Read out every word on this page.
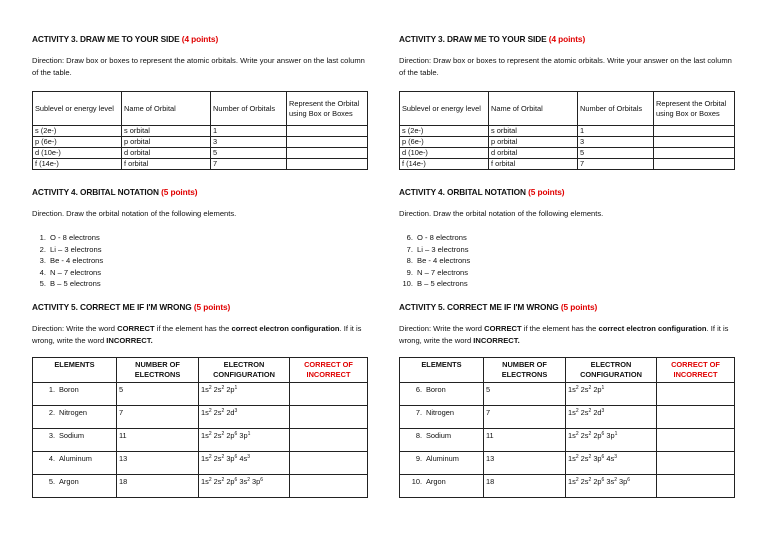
ACTIVITY 3. DRAW ME TO YOUR SIDE (4 points)
Direction: Draw box or boxes to represent the atomic orbitals. Write your answer on the last column of the table.
Sublevel or energy level	Name of Orbital	Number of Orbitals	Represent the Orbital using Box or Boxes
s (2e-)	s orbital	1	
p (6e-)	p orbital	3	
d (10e-)	d orbital	5	
f (14e-)	f orbital	7	
ACTIVITY 4. ORBITAL NOTATION (5 points)
Direction. Draw the orbital notation of the following elements.
1. O - 8 electrons
2. Li – 3 electrons
3. Be - 4 electrons
4. N – 7 electrons
5. B – 5 electrons
ACTIVITY 5. CORRECT ME IF I'M WRONG (5 points)
Direction: Write the word CORRECT if the element has the correct electron configuration. If it is wrong, write the word INCORRECT.
ELEMENTS	NUMBER OF ELECTRONS	ELECTRON CONFIGURATION	CORRECT OF INCORRECT
1. Boron	5	$1s^2$ $2s^2$ $2p^1$	
2. Nitrogen	7	$1s^2$ $2s^2$ $2d^3$	
3. Sodium	11	$1s^2$ $2s^2$ $2p^6$ $3p^1$	
4. Aluminum	13	$1s^2$ $2s^2$ $3p^6$ $4s^3$	
5. Argon	18	$1s^2$ $2s^2$ $2p^6$ $3s^2$ $3p^6$	
ACTIVITY 3. DRAW ME TO YOUR SIDE (4 points)
Direction: Draw box or boxes to represent the atomic orbitals. Write your answer on the last column of the table.
Sublevel or energy level	Name of Orbital	Number of Orbitals	Represent the Orbital using Box or Boxes
s (2e-)	s orbital	1	
p (6e-)	p orbital	3	
d (10e-)	d orbital	5	
f (14e-)	f orbital	7	
ACTIVITY 4. ORBITAL NOTATION (5 points)
Direction. Draw the orbital notation of the following elements.
6. O - 8 electrons
7. Li – 3 electrons
8. Be - 4 electrons
9. N – 7 electrons
10. B – 5 electrons
ACTIVITY 5. CORRECT ME IF I'M WRONG (5 points)
Direction: Write the word CORRECT if the element has the correct electron configuration. If it is wrong, write the word INCORRECT.
ELEMENTS	NUMBER OF ELECTRONS	ELECTRON CONFIGURATION	CORRECT OF INCORRECT
6. Boron	5	$1s^2$ $2s^2$ $2p^1$	
7. Nitrogen	7	$1s^2$ $2s^2$ $2d^3$	
8. Sodium	11	$1s^2$ $2s^2$ $2p^6$ $3p^1$	
9. Aluminum	13	$1s^2$ $2s^2$ $3p^6$ $4s^3$	
10. Argon	18	$1s^2$ $2s^2$ $2p^6$ $3s^2$ $3p^6$	
